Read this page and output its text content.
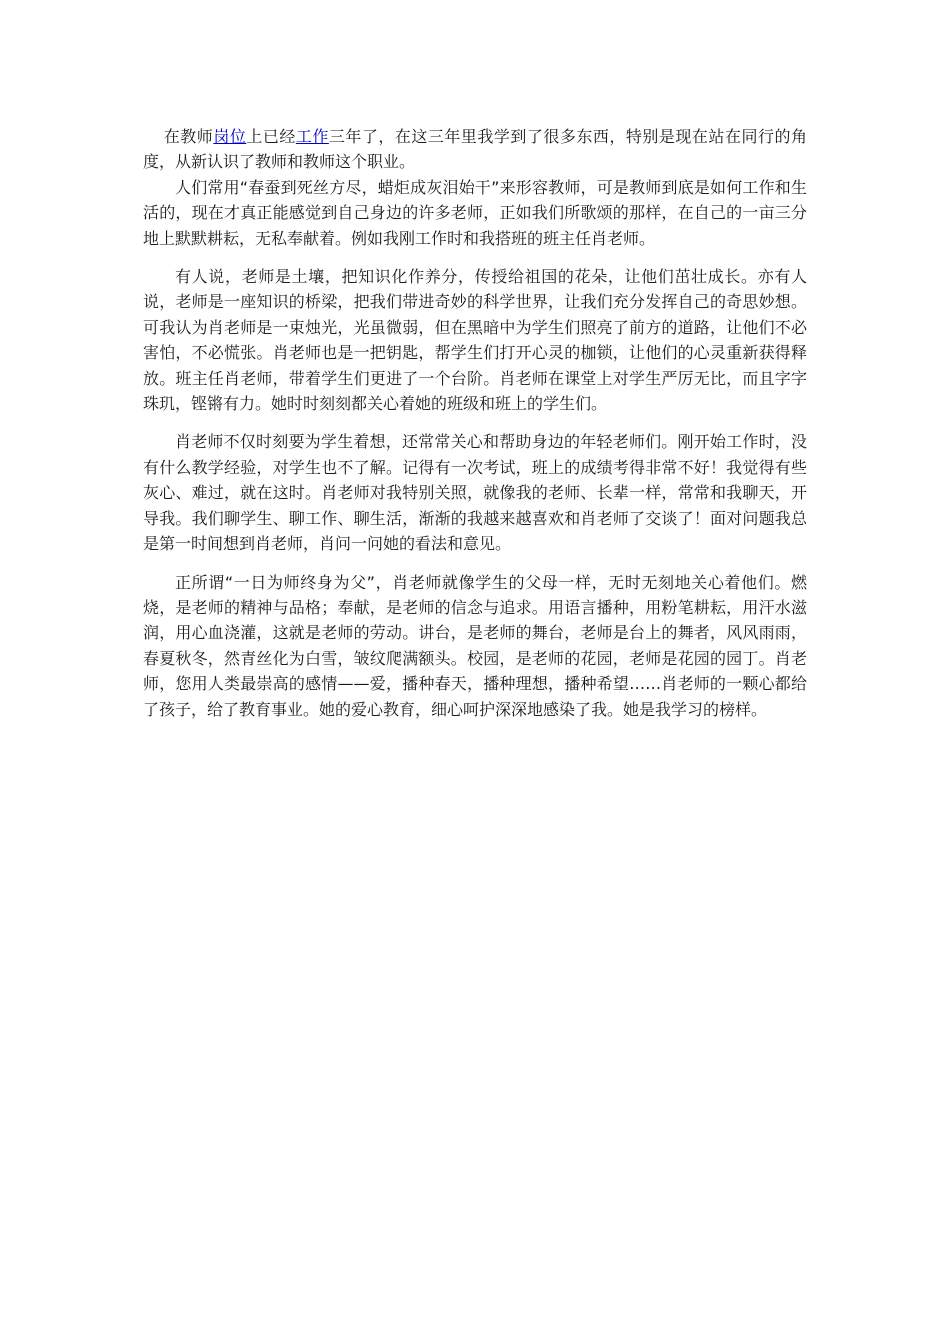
在教师岗位上已经工作三年了，在这三年里我学到了很多东西，特别是现在站在同行的角度，从新认识了教师和教师这个职业。

人们常用“春蚕到死丝方尽，蜡炬成灰泪始干”来形容教师，可是教师到底是如何工作和生活的，现在才真正能感觉到自己身边的许多老师，正如我们所歌颂的那样，在自己的一亩三分地上默默耕耘，无私奉献着。例如我刚工作时和我搭班的班主任肖老师。

有人说，老师是土壤，把知识化作养分，传授给祖国的花朵，让他们茁壮成长。亦有人说，老师是一座知识的桥梁，把我们带进奇妙的科学世界，让我们充分发挥自己的奇思妙想。可我认为肖老师是一束烛光，光虽微弱，但在黑暗中为学生们照亮了前方的道路，让他们不必害怕，不必慌张。肖老师也是一把钥匙，帮学生们打开心灵的枷锁，让他们的心灵重新获得释放。班主任肖老师，带着学生们更进了一个台阶。肖老师在课堂上对学生严厉无比，而且字字珠玑，铿锵有力。她时时刻刻都关心着她的班级和班上的学生们。

肖老师不仅时刻要为学生着想，还常常关心和帮助身边的年轻老师们。刚开始工作时，没有什么教学经验，对学生也不了解。记得有一次考试，班上的成绩考得非常不好！我觉得有些灰心、难过，就在这时。肖老师对我特别关照，就像我的老师、长辈一样，常常和我聊天，开导我。我们聊学生、聊工作、聊生活，渐渐的我越来越喜欢和肖老师了交谈了！面对问题我总是第一时间想到肖老师，肖问一问她的看法和意见。

正所谓“一日为师终身为父”，肖老师就像学生的父母一样，无时无刻地关心着他们。燃烧，是老师的精神与品格；奉献，是老师的信念与追求。用语言播种，用粉笔耕耘，用汗水滋润，用心血浇灌，这就是老师的劳动。讲台，是老师的舞台，老师是台上的舞者，风风雨雨，春夏秋冬，然青丝化为白雪，皱纹爬满额头。校园，是老师的花园，老师是花园的园丁。肖老师，您用人类最崇高的感情——爱，播种春天，播种理想，播种希望……肖老师的一颗心都给了孩子，给了教育事业。她的爱心教育，细心呵护深深地感染了我。她是我学习的榜样。
